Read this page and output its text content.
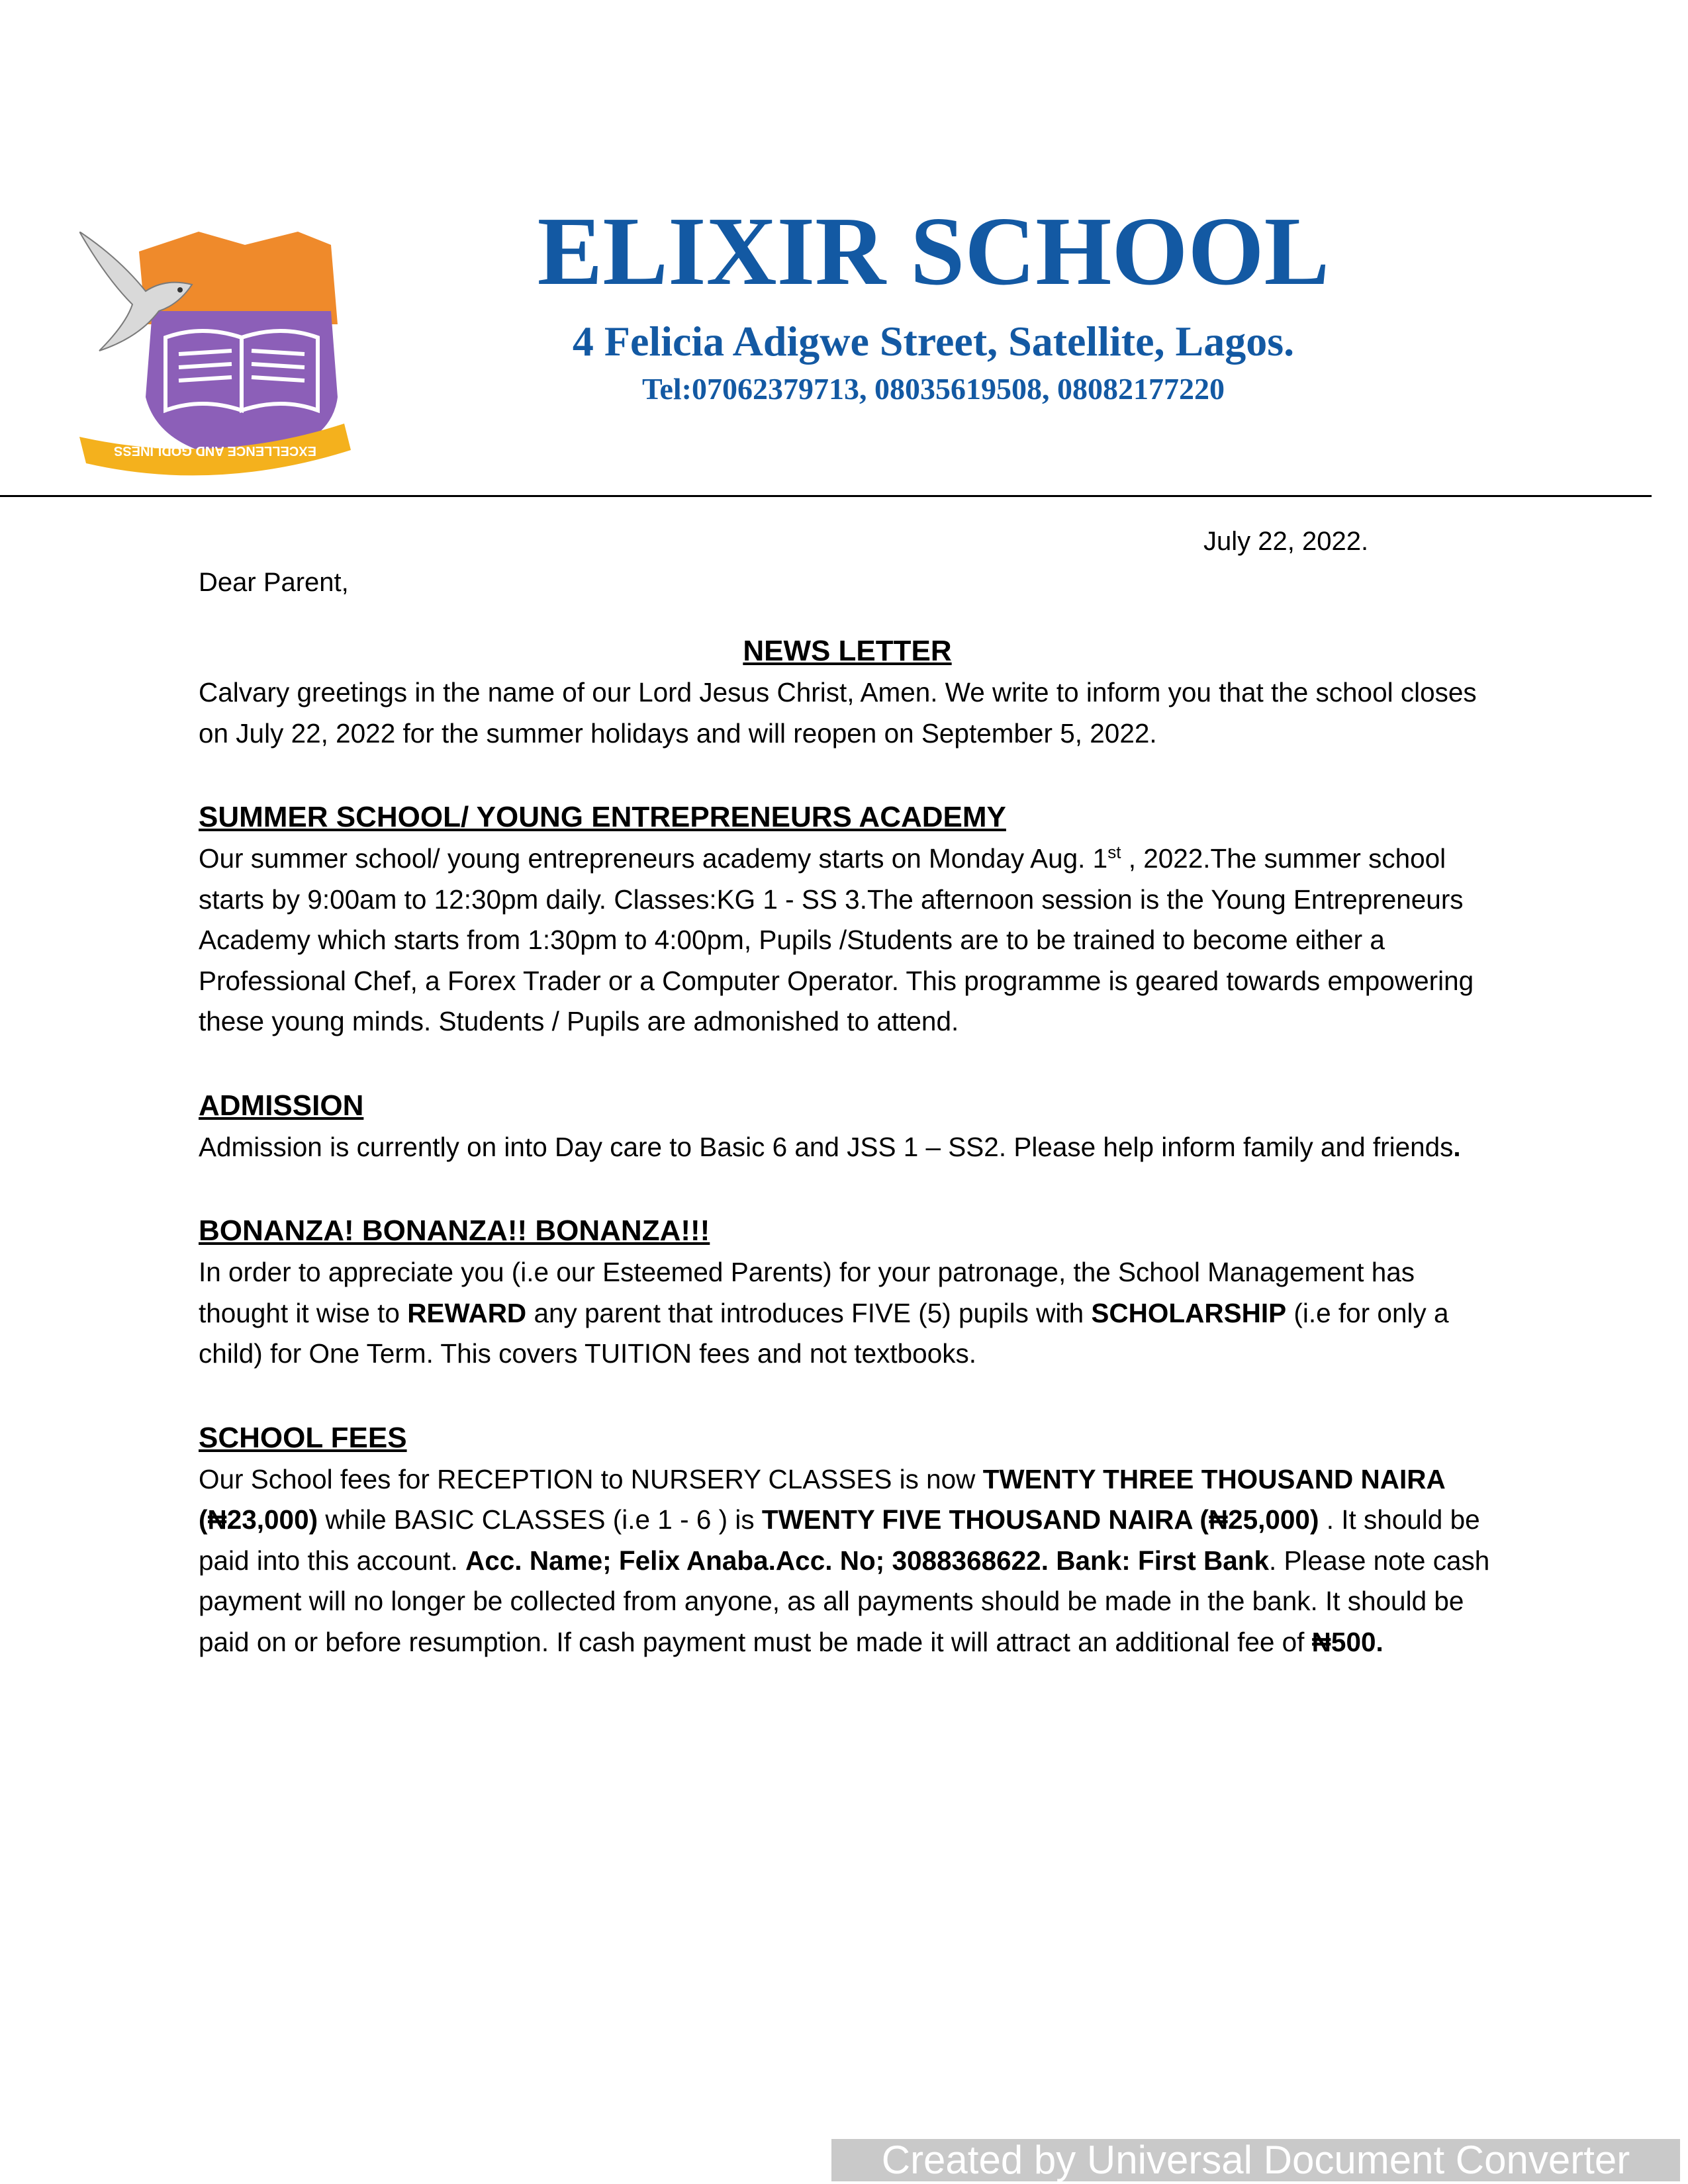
EXCELLENCE AND GODLINESS
ELIXIR SCHOOL
4 Felicia Adigwe Street, Satellite, Lagos.
Tel:07062379713, 08035619508, 08082177220
July 22, 2022.
Dear Parent,
NEWS LETTER

Calvary greetings in the name of our Lord Jesus Christ, Amen. We write to inform you that the school closes on July 22, 2022 for the summer holidays and will reopen on September 5, 2022.

SUMMER SCHOOL/ YOUNG ENTREPRENEURS ACADEMY

Our summer school/ young entrepreneurs academy starts on Monday Aug. 1st , 2022.The summer school starts by 9:00am to 12:30pm daily. Classes:KG 1 - SS 3.The afternoon session is the Young Entrepreneurs Academy which starts from 1:30pm to 4:00pm, Pupils /Students are to be trained to become either a Professional Chef, a Forex Trader or a Computer Operator. This programme is geared towards empowering these young minds. Students / Pupils are admonished to attend.

ADMISSION

Admission is currently on into Day care to Basic 6 and JSS 1 – SS2. Please help inform family and friends.

BONANZA! BONANZA!! BONANZA!!!

In order to appreciate you (i.e our Esteemed Parents) for your patronage, the School Management has thought it wise to REWARD any parent that introduces FIVE (5) pupils with SCHOLARSHIP (i.e for only a child) for One Term. This covers TUITION fees and not textbooks.

SCHOOL FEES

Our School fees for RECEPTION to NURSERY CLASSES is now TWENTY THREE THOUSAND NAIRA (₦23,000) while BASIC CLASSES (i.e 1 - 6 ) is TWENTY FIVE THOUSAND NAIRA (₦25,000) . It should be paid into this account. Acc. Name; Felix Anaba.Acc. No; 3088368622. Bank: First Bank. Please note cash payment will no longer be collected from anyone, as all payments should be made in the bank. It should be paid on or before resumption. If cash payment must be made it will attract an additional fee of ₦500.

Created by Universal Document Converter
